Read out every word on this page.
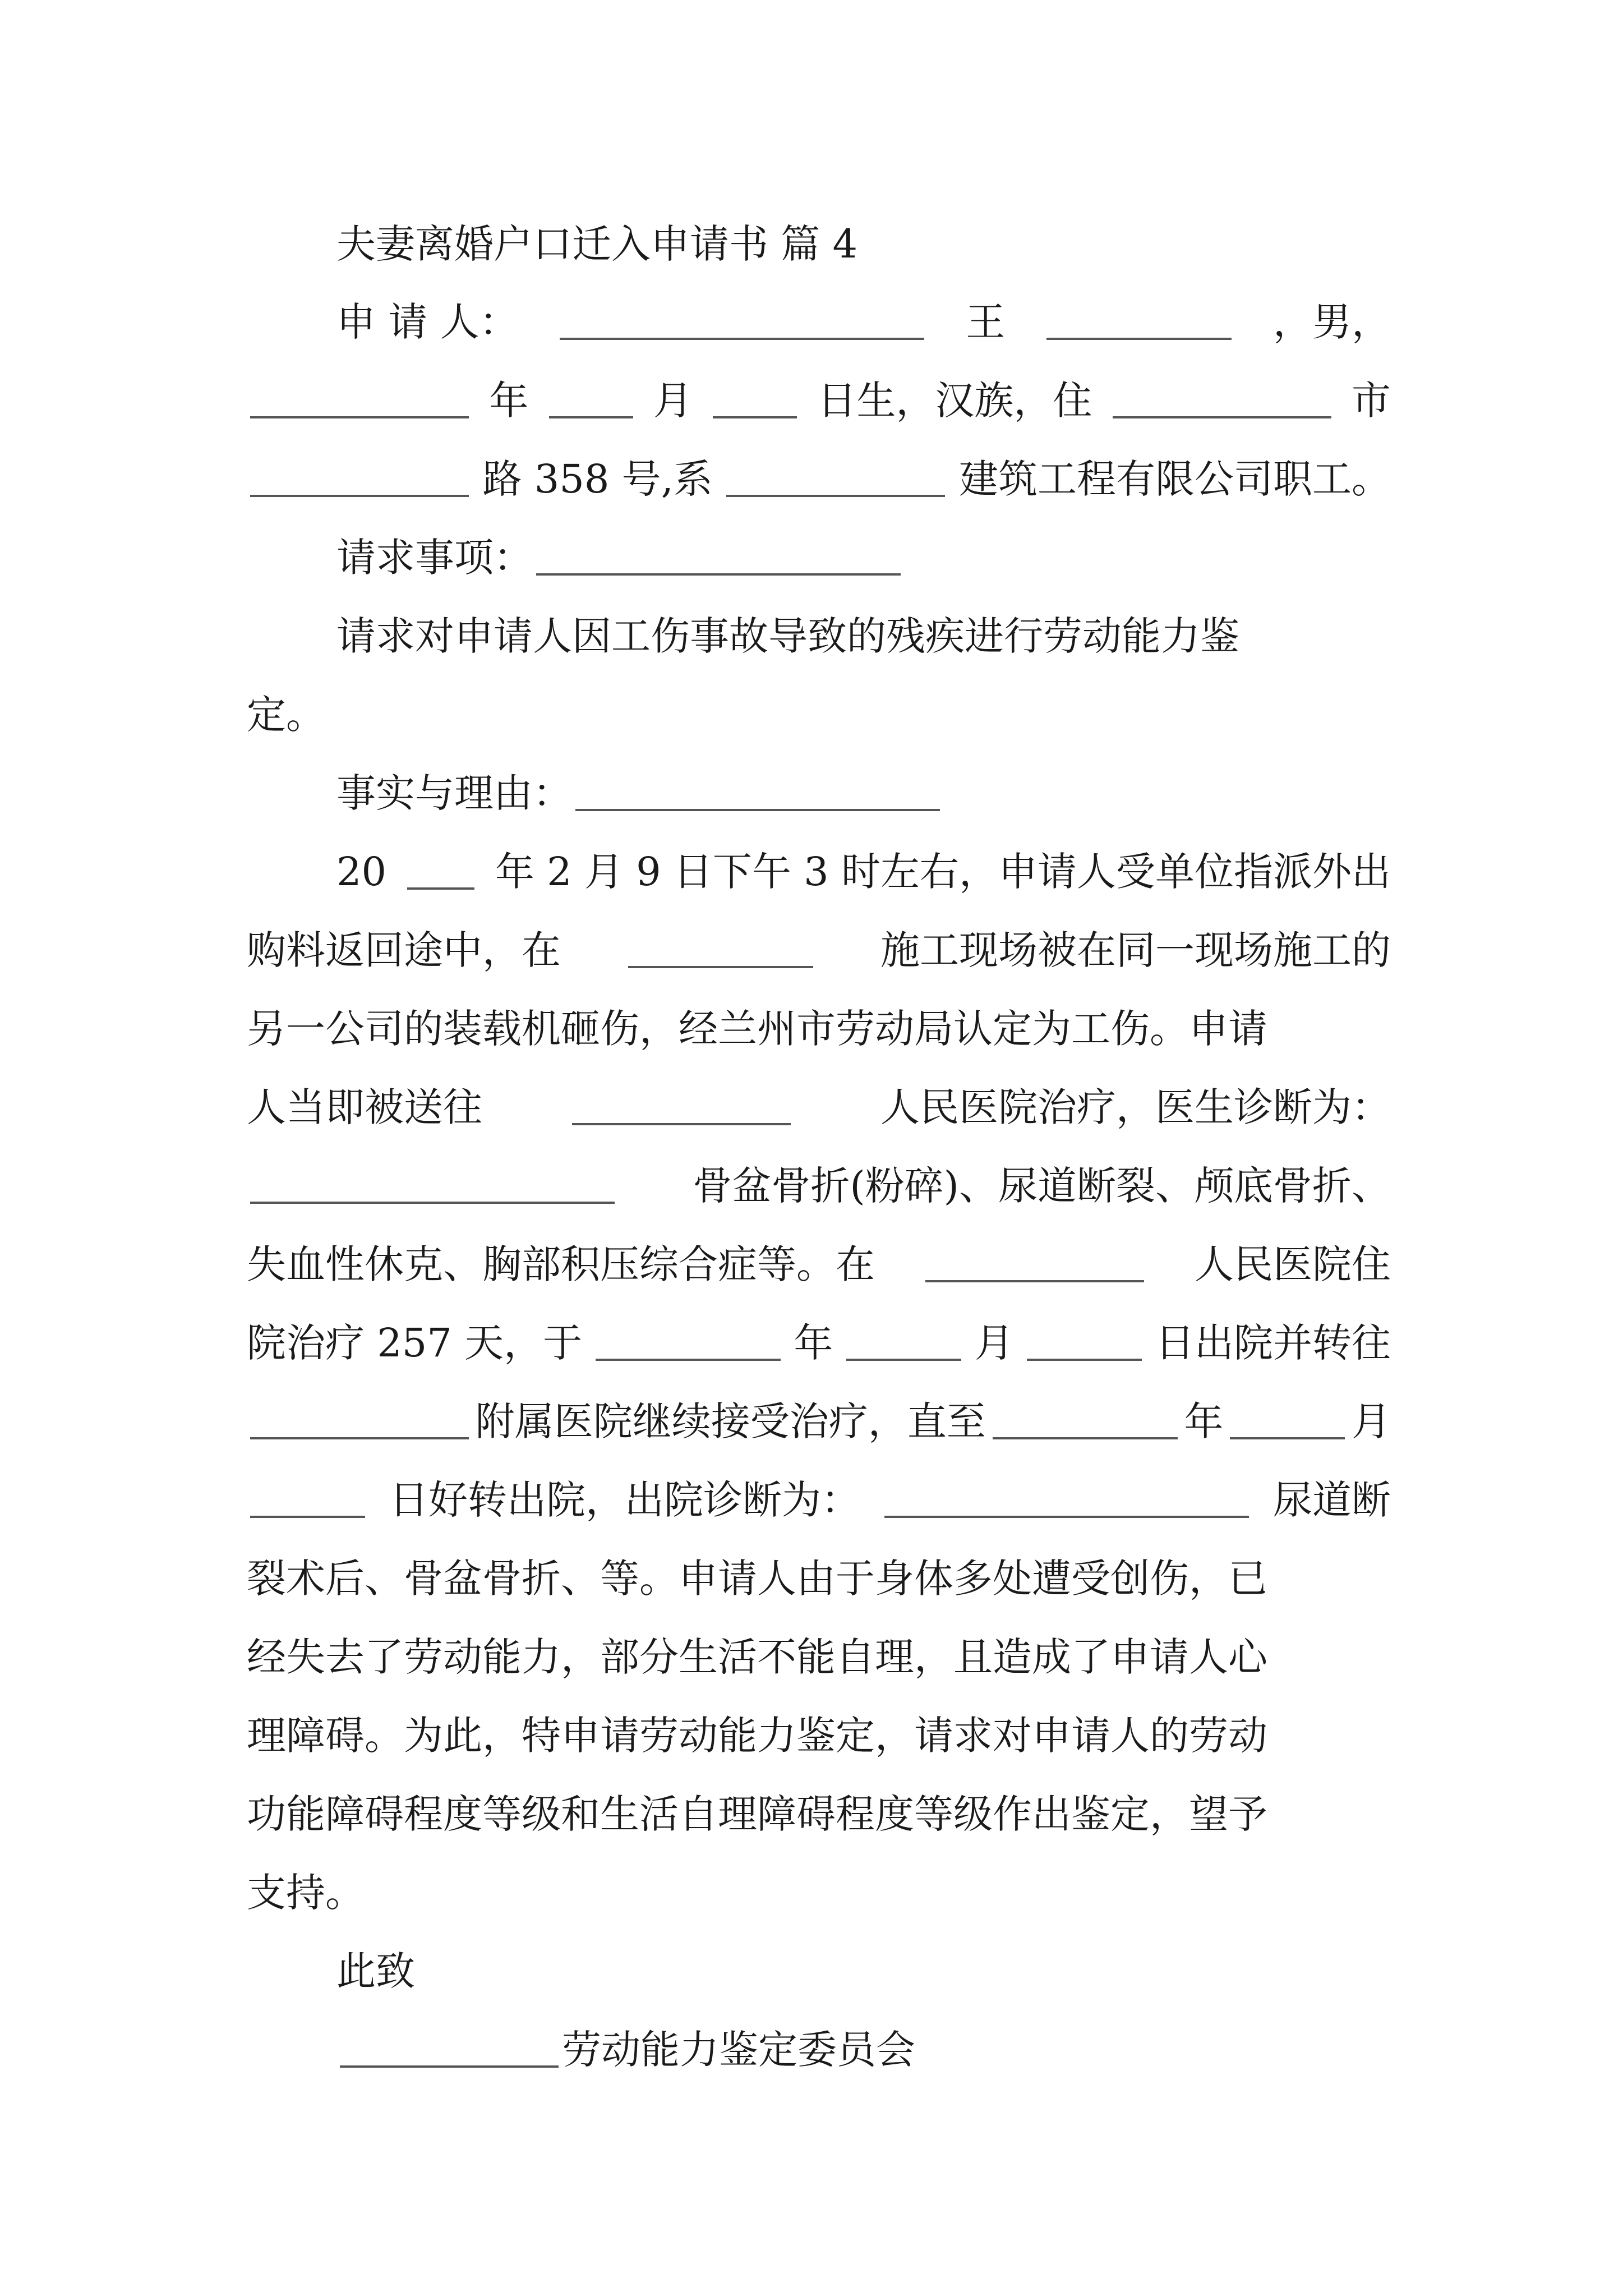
夫妻离婚户口迁入申请书 篇 4
申 请 人：	王	，男，
年	月	日生，汉族，住	市
路 358 号,系	建筑工程有限公司职工。
请求事项：
请求对申请人因工伤事故导致的残疾进行劳动能力鉴
定。
事实与理由：
20	年 2 月 9 日下午 3 时左右，申请人受单位指派外出
购料返回途中，在	施工现场被在同一现场施工的
另一公司的装载机砸伤，经兰州市劳动局认定为工伤。申请
人当即被送往	人民医院治疗，医生诊断为：
骨盆骨折(粉碎)、尿道断裂、颅底骨折、
失血性休克、胸部积压综合症等。在	人民医院住
院治疗 257 天，于	年	月	日出院并转往
附属医院继续接受治疗，直至	年	月
日好转出院，出院诊断为：	尿道断
裂术后、骨盆骨折、等。申请人由于身体多处遭受创伤，已
经失去了劳动能力，部分生活不能自理，且造成了申请人心
理障碍。为此，特申请劳动能力鉴定，请求对申请人的劳动
功能障碍程度等级和生活自理障碍程度等级作出鉴定，望予
支持。
此致
劳动能力鉴定委员会
